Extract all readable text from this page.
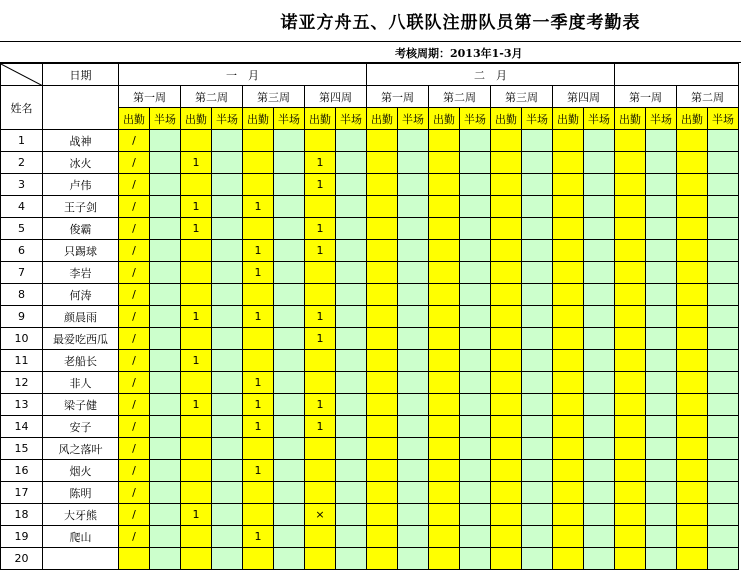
诺亚方舟五、八联队注册队员第一季度考勤表
考核周期：2013年1-3月
	日期	一　月								二　月											
姓名		第一周		第二周		第三周		第四周		第一周		第二周		第三周		第四周		第一周		第二周	
		出勤	半场	出勤	半场	出勤	半场	出勤	半场	出勤	半场	出勤	半场	出勤	半场	出勤	半场	出勤	半场	出勤	半场
1	战神	/																			
2	冰火	/		1				1													
3	卢伟	/						1													
4	王子剑	/		1		1															
5	俊霸	/		1				1													
6	只踢球	/				1		1													
7	李岩	/				1															
8	何涛	/																			
9	颜晨雨	/		1		1		1													
10	最爱吃西瓜	/						1													
11	老船长	/		1																	
12	非人	/				1															
13	梁子健	/		1		1		1													
14	安子	/				1		1													
15	风之落叶	/																			
16	烟火	/				1															
17	陈明	/																			
18	大牙熊	/		1				×													
19	爬山	/				1															
20																					
